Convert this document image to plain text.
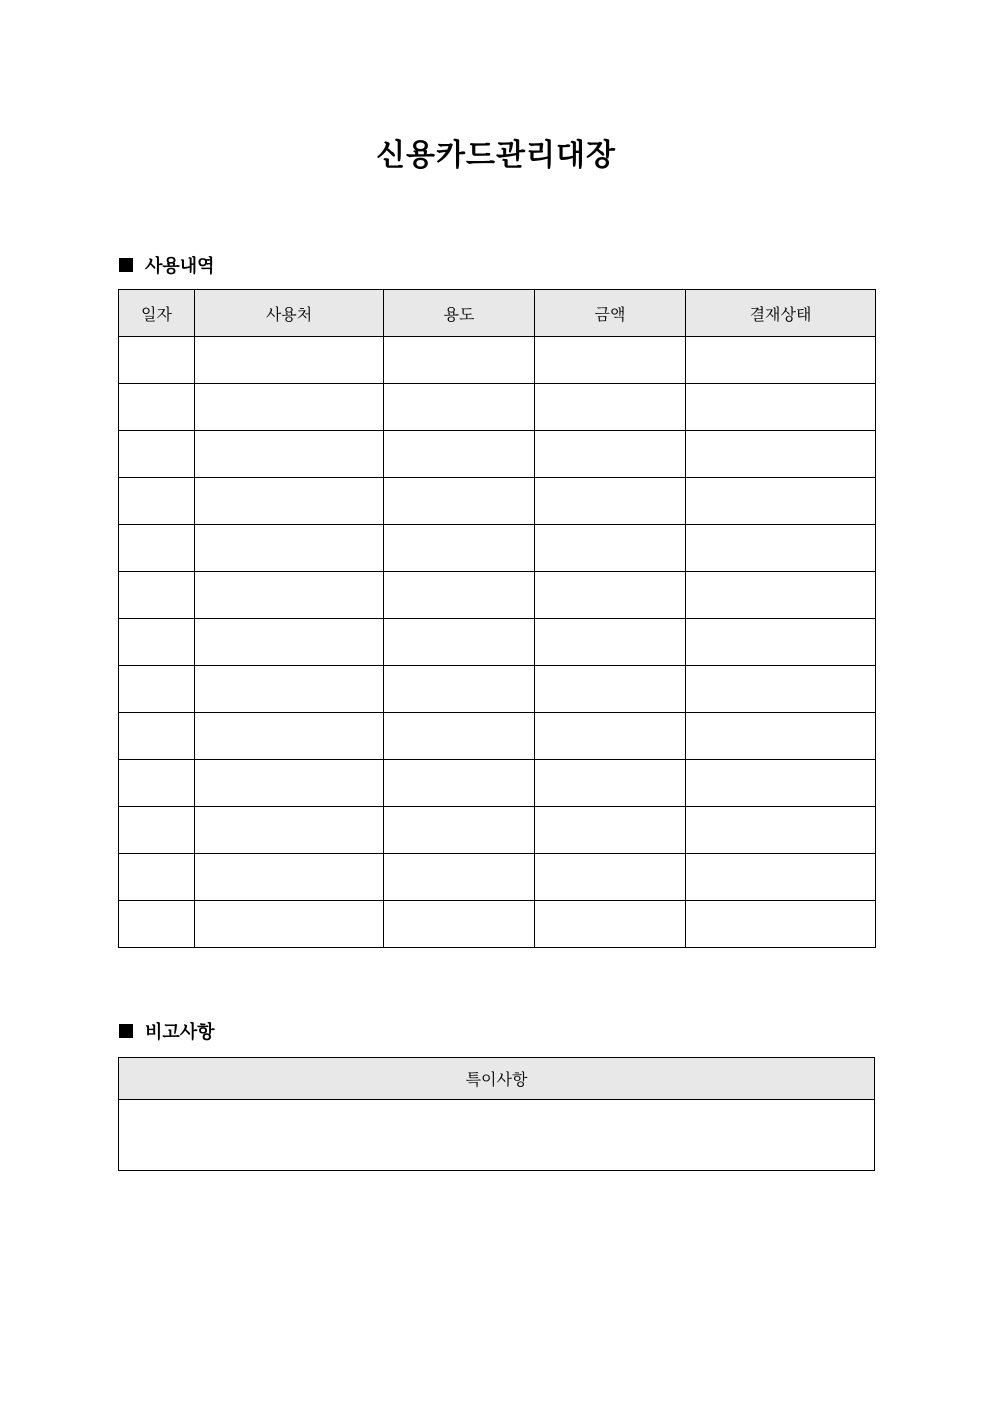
신용카드관리대장
사용내역
일자	사용처	용도	금액	결재상태

비고사항
특이사항
